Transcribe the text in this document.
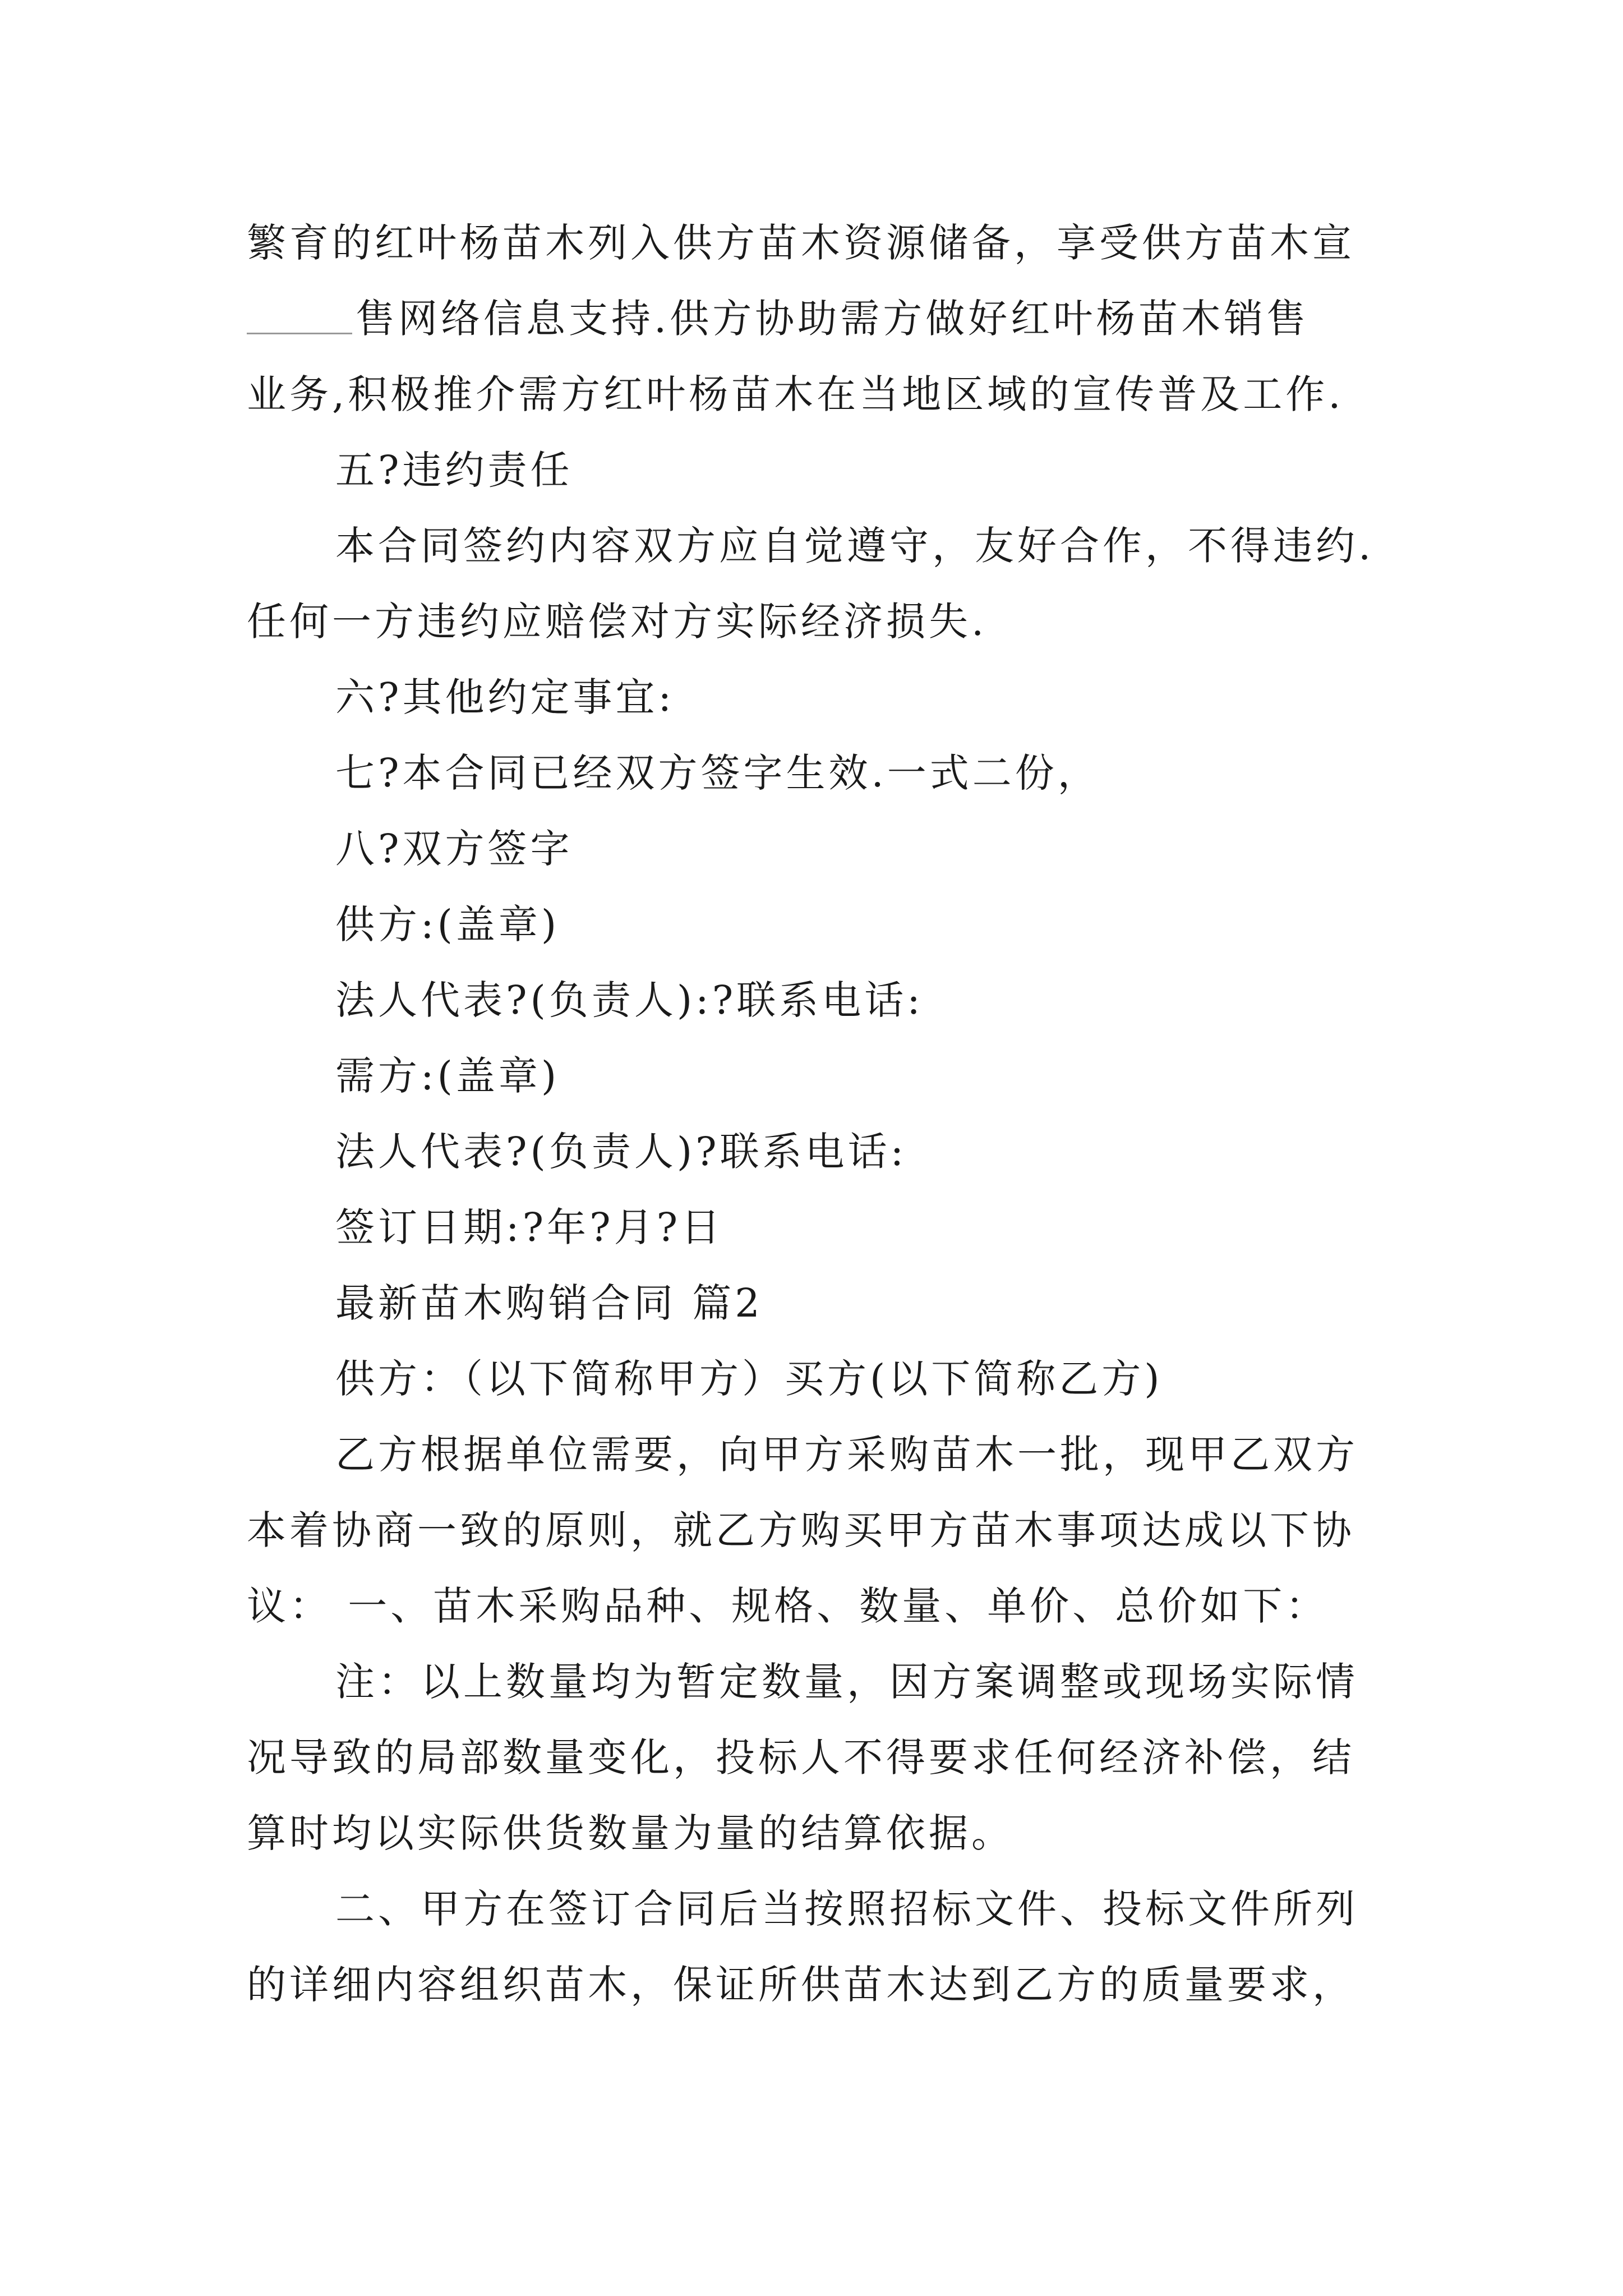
繁育的红叶杨苗木列入供方苗木资源储备，享受供方苗木宣
售网络信息支持.供方协助需方做好红叶杨苗木销售
业务,积极推介需方红叶杨苗木在当地区域的宣传普及工作.
五?违约责任
本合同签约内容双方应自觉遵守，友好合作，不得违约.
任何一方违约应赔偿对方实际经济损失.
六?其他约定事宜:
七?本合同已经双方签字生效.一式二份，
八?双方签字
供方:(盖章)
法人代表?(负责人):?联系电话:
需方:(盖章)
法人代表?(负责人)?联系电话:
签订日期:?年?月?日
最新苗木购销合同 篇2
供方：（以下简称甲方）买方(以下简称乙方)
乙方根据单位需要，向甲方采购苗木一批，现甲乙双方
本着协商一致的原则，就乙方购买甲方苗木事项达成以下协
议： 一、苗木采购品种、规格、数量、单价、总价如下：
注：以上数量均为暂定数量，因方案调整或现场实际情
况导致的局部数量变化，投标人不得要求任何经济补偿，结
算时均以实际供货数量为量的结算依据。
二、甲方在签订合同后当按照招标文件、投标文件所列
的详细内容组织苗木，保证所供苗木达到乙方的质量要求，
